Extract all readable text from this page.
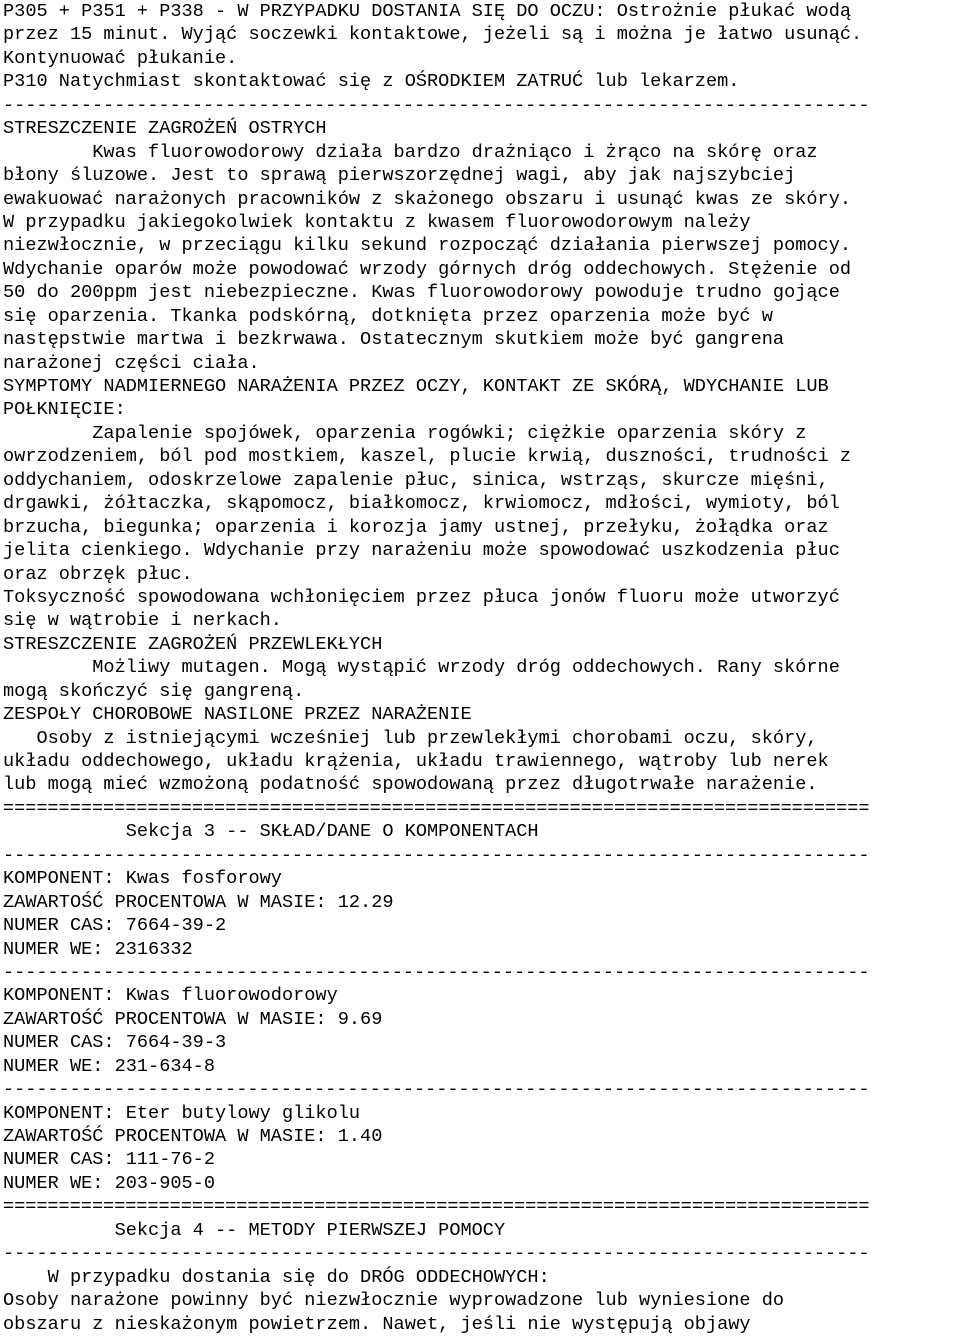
P305 + P351 + P338 - W PRZYPADKU DOSTANIA SIĘ DO OCZU: Ostrożnie płukać wodą
przez 15 minut. Wyjąć soczewki kontaktowe, jeżeli są i można je łatwo usunąć.
Kontynuować płukanie.
P310 Natychmiast skontaktować się z OŚRODKIEM ZATRUĆ lub lekarzem.
------------------------------------------------------------------------------
STRESZCZENIE ZAGROŻEŃ OSTRYCH
Kwas fluorowodorowy działa bardzo drażniąco i żrąco na skórę oraz
błony śluzowe. Jest to sprawą pierwszorzędnej wagi, aby jak najszybciej
ewakuować narażonych pracowników z skażonego obszaru i usunąć kwas ze skóry.
W przypadku jakiegokolwiek kontaktu z kwasem fluorowodorowym należy
niezwłocznie, w przeciągu kilku sekund rozpocząć działania pierwszej pomocy.
Wdychanie oparów może powodować wrzody górnych dróg oddechowych. Stężenie od
50 do 200ppm jest niebezpieczne. Kwas fluorowodorowy powoduje trudno gojące
się oparzenia. Tkanka podskórną, dotknięta przez oparzenia może być w
następstwie martwa i bezkrwawa. Ostatecznym skutkiem może być gangrena
narażonej części ciała.
SYMPTOMY NADMIERNEGO NARAŻENIA PRZEZ OCZY, KONTAKT ZE SKÓRĄ, WDYCHANIE LUB
POŁKNIĘCIE:
Zapalenie spojówek, oparzenia rogówki; ciężkie oparzenia skóry z
owrzodzeniem, ból pod mostkiem, kaszel, plucie krwią, duszności, trudności z
oddychaniem, odoskrzelowe zapalenie płuc, sinica, wstrząs, skurcze mięśni,
drgawki, żółtaczka, skąpomocz, białkomocz, krwiomocz, mdłości, wymioty, ból
brzucha, biegunka; oparzenia i korozja jamy ustnej, przełyku, żołądka oraz
jelita cienkiego. Wdychanie przy narażeniu może spowodować uszkodzenia płuc
oraz obrzęk płuc.
Toksyczność spowodowana wchłonięciem przez płuca jonów fluoru może utworzyć
się w wątrobie i nerkach.
STRESZCZENIE ZAGROŻEŃ PRZEWLEKŁYCH
Możliwy mutagen. Mogą wystąpić wrzody dróg oddechowych. Rany skórne
mogą skończyć się gangreną.
ZESPOŁY CHOROBOWE NASILONE PRZEZ NARAŻENIE
Osoby z istniejącymi wcześniej lub przewlekłymi chorobami oczu, skóry,
układu oddechowego, układu krążenia, układu trawiennego, wątroby lub nerek
lub mogą mieć wzmożoną podatność spowodowaną przez długotrwałe narażenie.
==============================================================================
Sekcja 3 -- SKŁAD/DANE O KOMPONENTACH
------------------------------------------------------------------------------
KOMPONENT: Kwas fosforowy
ZAWARTOŚĆ PROCENTOWA W MASIE: 12.29
NUMER CAS: 7664-39-2
NUMER WE: 2316332
------------------------------------------------------------------------------
KOMPONENT: Kwas fluorowodorowy
ZAWARTOŚĆ PROCENTOWA W MASIE: 9.69
NUMER CAS: 7664-39-3
NUMER WE: 231-634-8
------------------------------------------------------------------------------
KOMPONENT: Eter butylowy glikolu
ZAWARTOŚĆ PROCENTOWA W MASIE: 1.40
NUMER CAS: 111-76-2
NUMER WE: 203-905-0
==============================================================================
Sekcja 4 -- METODY PIERWSZEJ POMOCY
------------------------------------------------------------------------------
W przypadku dostania się do DRÓG ODDECHOWYCH:
Osoby narażone powinny być niezwłocznie wyprowadzone lub wyniesione do
obszaru z nieskażonym powietrzem. Nawet, jeśli nie występują objawy
